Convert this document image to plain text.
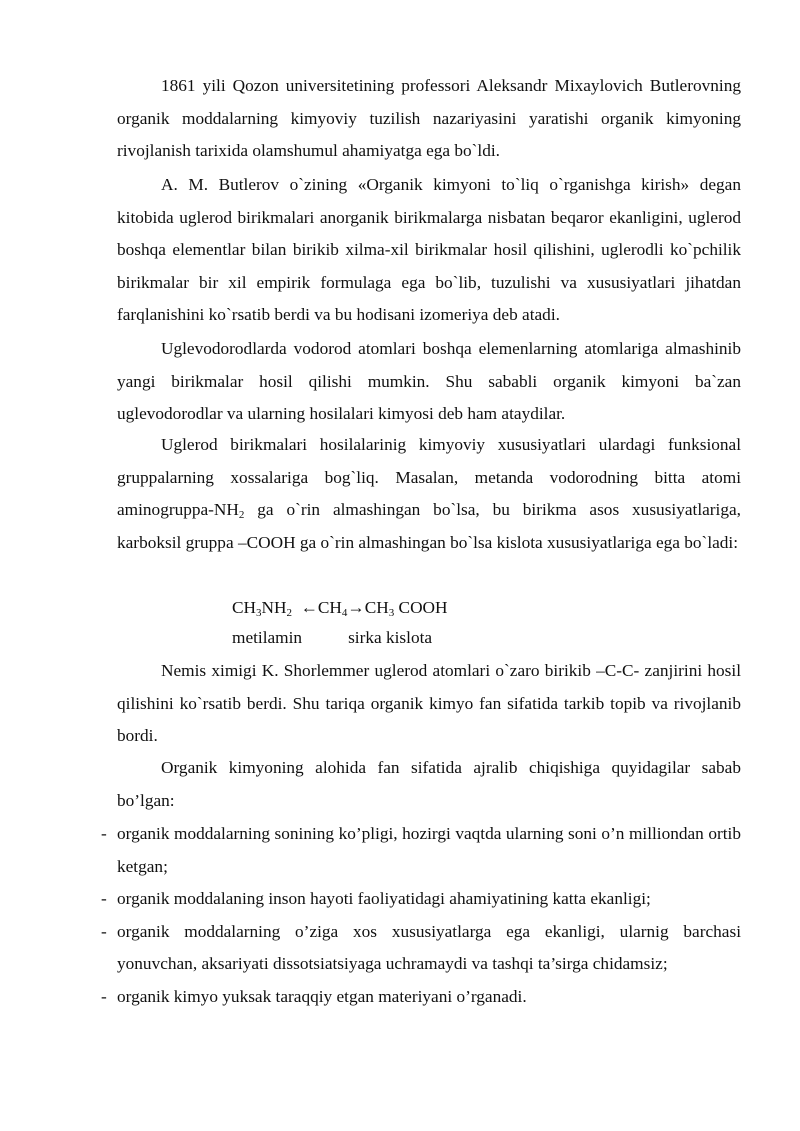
1861 yili Qozon universitetining professori Aleksandr Mixaylovich Butlerovning organik moddalarning kimyoviy tuzilish nazariyasini yaratishi organik kimyoning rivojlanish tarixida olamshumul ahamiyatga ega bo`ldi.

A. M. Butlerov o`zining «Organik kimyoni to`liq o`rganishga kirish» degan kitobida uglerod birikmalari anorganik birikmalarga nisbatan beqaror ekanligini, uglerod boshqa elementlar bilan birikib xilma-xil birikmalar hosil qilishini, uglerodli ko`pchilik birikmalar bir xil empirik formulaga ega bo`lib, tuzulishi va xususiyatlari jihatdan farqlanishini ko`rsatib berdi va bu hodisani izomeriya deb atadi.

Uglevodorodlarda vodorod atomlari boshqa elemenlarning atomlariga almashinib yangi birikmalar hosil qilishi mumkin. Shu sababli organik kimyoni ba`zan uglevodorodlar va ularning hosilalari kimyosi deb ham ataydilar.

Uglerod birikmalari hosilalarinig kimyoviy xususiyatlari ulardagi funksional gruppalarning xossalariga bog`liq. Masalan, metanda vodorodning bitta atomi aminogruppa-$NH_2$ ga o`rin almashingan bo`lsa, bu birikma asos xususiyatlariga, karboksil gruppa –COOH ga o`rin almashingan bo`lsa kislota xususiyatlariga ega bo`ladi:

$CH_3NH_2$  $\leftarrow CH_4\to CH_3$ COOH
metilamin	sirka kislota

Nemis ximigi K. Shorlemmer uglerod atomlari o`zaro birikib –C-C- zanjirini hosil qilishini ko`rsatib berdi. Shu tariqa organik kimyo fan sifatida tarkib topib va rivojlanib bordi.

Organik kimyoning alohida fan sifatida ajralib chiqishiga quyidagilar sabab bo’lgan:

- organik moddalarning sonining ko’pligi, hozirgi vaqtda ularning soni o’n milliondan ortib ketgan;
- organik moddalaning inson hayoti faoliyatidagi ahamiyatining katta ekanligi;
- organik moddalarning o’ziga xos xususiyatlarga ega ekanligi, ularnig barchasi yonuvchan, aksariyati dissotsiatsiyaga uchramaydi va tashqi ta’sirga chidamsiz;
- organik kimyo yuksak taraqqiy etgan materiyani o’rganadi.
